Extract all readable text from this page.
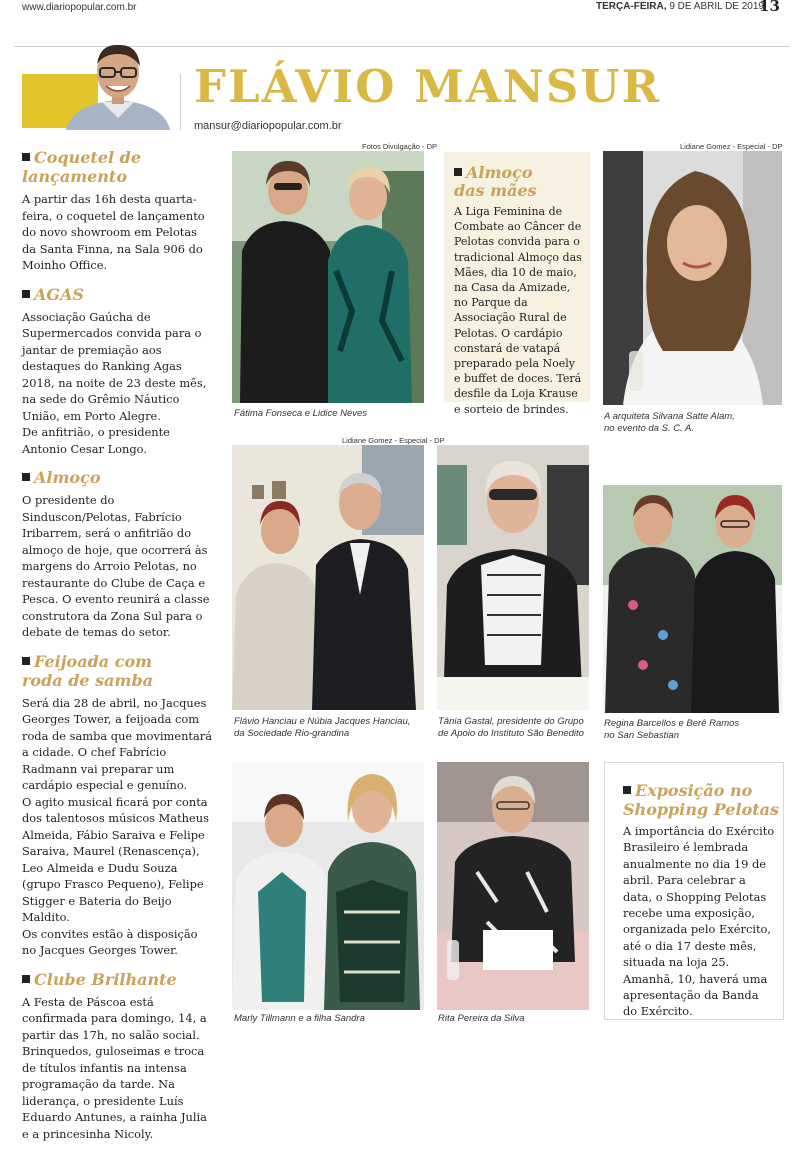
www.diariopopular.com.br	TERÇA-FEIRA, 9 DE ABRIL DE 2019
13
FLÁVIO MANSUR
mansur@diariopopular.com.br
Coquetel de
lançamento

A partir das 16h desta quarta-feira, o coquetel de lançamento do novo showroom em Pelotas da Santa Finna, na Sala 906 do Moinho Office.

AGAS

Associação Gaúcha de Supermercados convida para o jantar de premiação aos destaques do Ranking Agas 2018, na noite de 23 deste mês, na sede do Grêmio Náutico União, em Porto Alegre.

De anfitrião, o presidente Antonio Cesar Longo.

Almoço

O presidente do Sinduscon/Pelotas, Fabrício Iribarrem, será o anfitrião do almoço de hoje, que ocorrerá às margens do Arroio Pelotas, no restaurante do Clube de Caça e Pesca. O evento reunirá a classe construtora da Zona Sul para o debate de temas do setor.

Feijoada com
roda de samba

Será dia 28 de abril, no Jacques Georges Tower, a feijoada com roda de samba que movimentará a cidade. O chef Fabrício Radmann vai preparar um cardápio especial e genuíno.

O agito musical ficará por conta dos talentosos músicos Matheus Almeida, Fábio Saraiva e Felipe Saraiva, Maurel (Renascença), Leo Almeida e Dudu Souza (grupo Frasco Pequeno), Felipe Stigger e Bateria do Beijo Maldito.

Os convites estão à disposição no Jacques Georges Tower.

Clube Brilhante

A Festa de Páscoa está confirmada para domingo, 14, a partir das 17h, no salão social. Brinquedos, guloseimas e troca de títulos infantis na intensa programação da tarde. Na liderança, o presidente Luís Eduardo Antunes, a rainha Julia e a princesinha Nicoly.

Fotos Divulgação - DP
Fátima Fonseca e Lidice Neves
Almoço
das mães

A Liga Feminina de Combate ao Câncer de Pelotas convida para o tradicional Almoço das Mães, dia 10 de maio, na Casa da Amizade, no Parque da Associação Rural de Pelotas. O cardápio constará de vatapá preparado pela Noely e buffet de doces. Terá desfile da Loja Krause e sorteio de brindes.

Lidiane Gomez - Especial - DP
A arquiteta Silvana Satte Alam,
no evento da S. C. A.
Lidiane Gomez - Especial - DP
Flávio Hanciau e Núbia Jacques Hanciau,
da Sociedade Rio-grandina
Tânia Gastal, presidente do Grupo
de Apoio do Instituto São Benedito
Regina Barcellos e Berê Ramos
no San Sebastian
Marly Tillmann e a filha Sandra	Rita Pereira da Silva
Exposição no
Shopping Pelotas

A importância do Exército Brasileiro é lembrada anualmente no dia 19 de abril. Para celebrar a data, o Shopping Pelotas recebe uma exposição, organizada pelo Exército, até o dia 17 deste mês, situada na loja 25. Amanhã, 10, haverá uma apresentação da Banda do Exército.
